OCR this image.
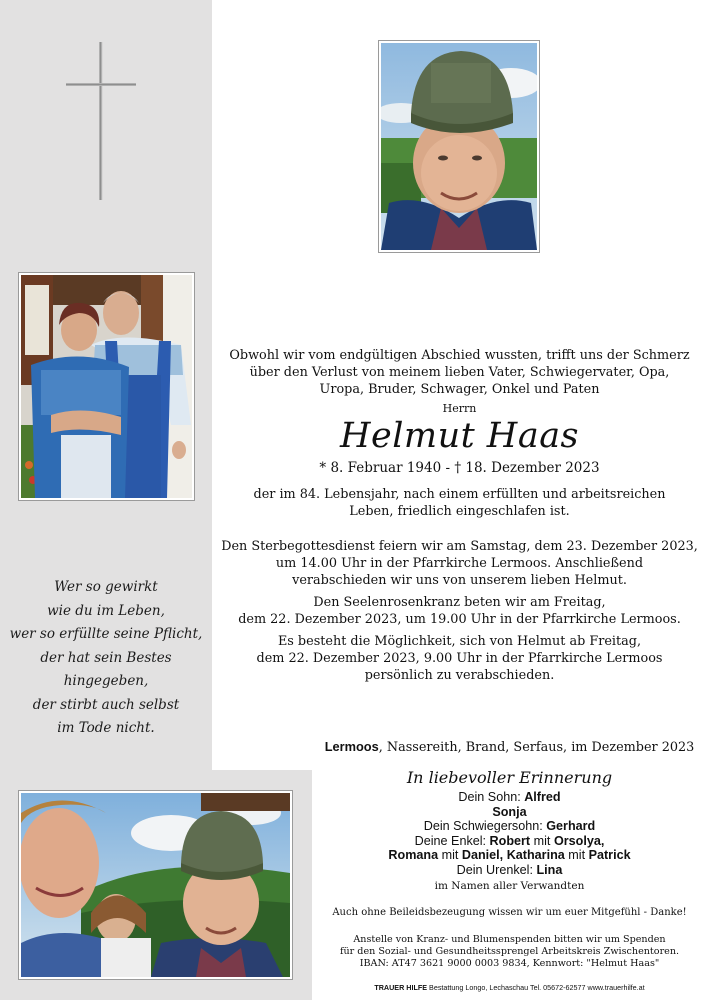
Wer so gewirkt
wie du im Leben,
wer so erfüllte seine Pflicht,
der hat sein Bestes hingegeben,
der stirbt auch selbst
im Tode nicht.
Obwohl wir vom endgültigen Abschied wussten, trifft uns der Schmerz
über den Verlust von meinem lieben Vater, Schwiegervater, Opa,
Uropa, Bruder, Schwager, Onkel und Paten
Herrn
Helmut Haas
* 8. Februar 1940 - † 18. Dezember 2023
der im 84. Lebensjahr, nach einem erfüllten und arbeitsreichen
Leben, friedlich eingeschlafen ist.
Den Sterbegottesdienst feiern wir am Samstag, dem 23. Dezember 2023,
um 14.00 Uhr in der Pfarrkirche Lermoos. Anschließend
verabschieden wir uns von unserem lieben Helmut.
Den Seelenrosenkranz beten wir am Freitag,
dem 22. Dezember 2023, um 19.00 Uhr in der Pfarrkirche Lermoos.
Es besteht die Möglichkeit, sich von Helmut ab Freitag,
dem 22. Dezember 2023, 9.00 Uhr in der Pfarrkirche Lermoos
persönlich zu verabschieden.
Lermoos, Nassereith, Brand, Serfaus, im Dezember 2023
In liebevoller Erinnerung
Dein Sohn: Alfred
Sonja
Dein Schwiegersohn: Gerhard
Deine Enkel: Robert mit Orsolya,
Romana mit Daniel, Katharina mit Patrick
Dein Urenkel: Lina
im Namen aller Verwandten
Auch ohne Beileidsbezeugung wissen wir um euer Mitgefühl - Danke!
Anstelle von Kranz- und Blumenspenden bitten wir um Spenden
für den Sozial- und Gesundheitssprengel Arbeitskreis Zwischentoren.
IBAN: AT47 3621 9000 0003 9834, Kennwort: "Helmut Haas"
TRAUER HILFE Bestattung Longo, Lechaschau Tel. 05672-62577 www.trauerhilfe.at
